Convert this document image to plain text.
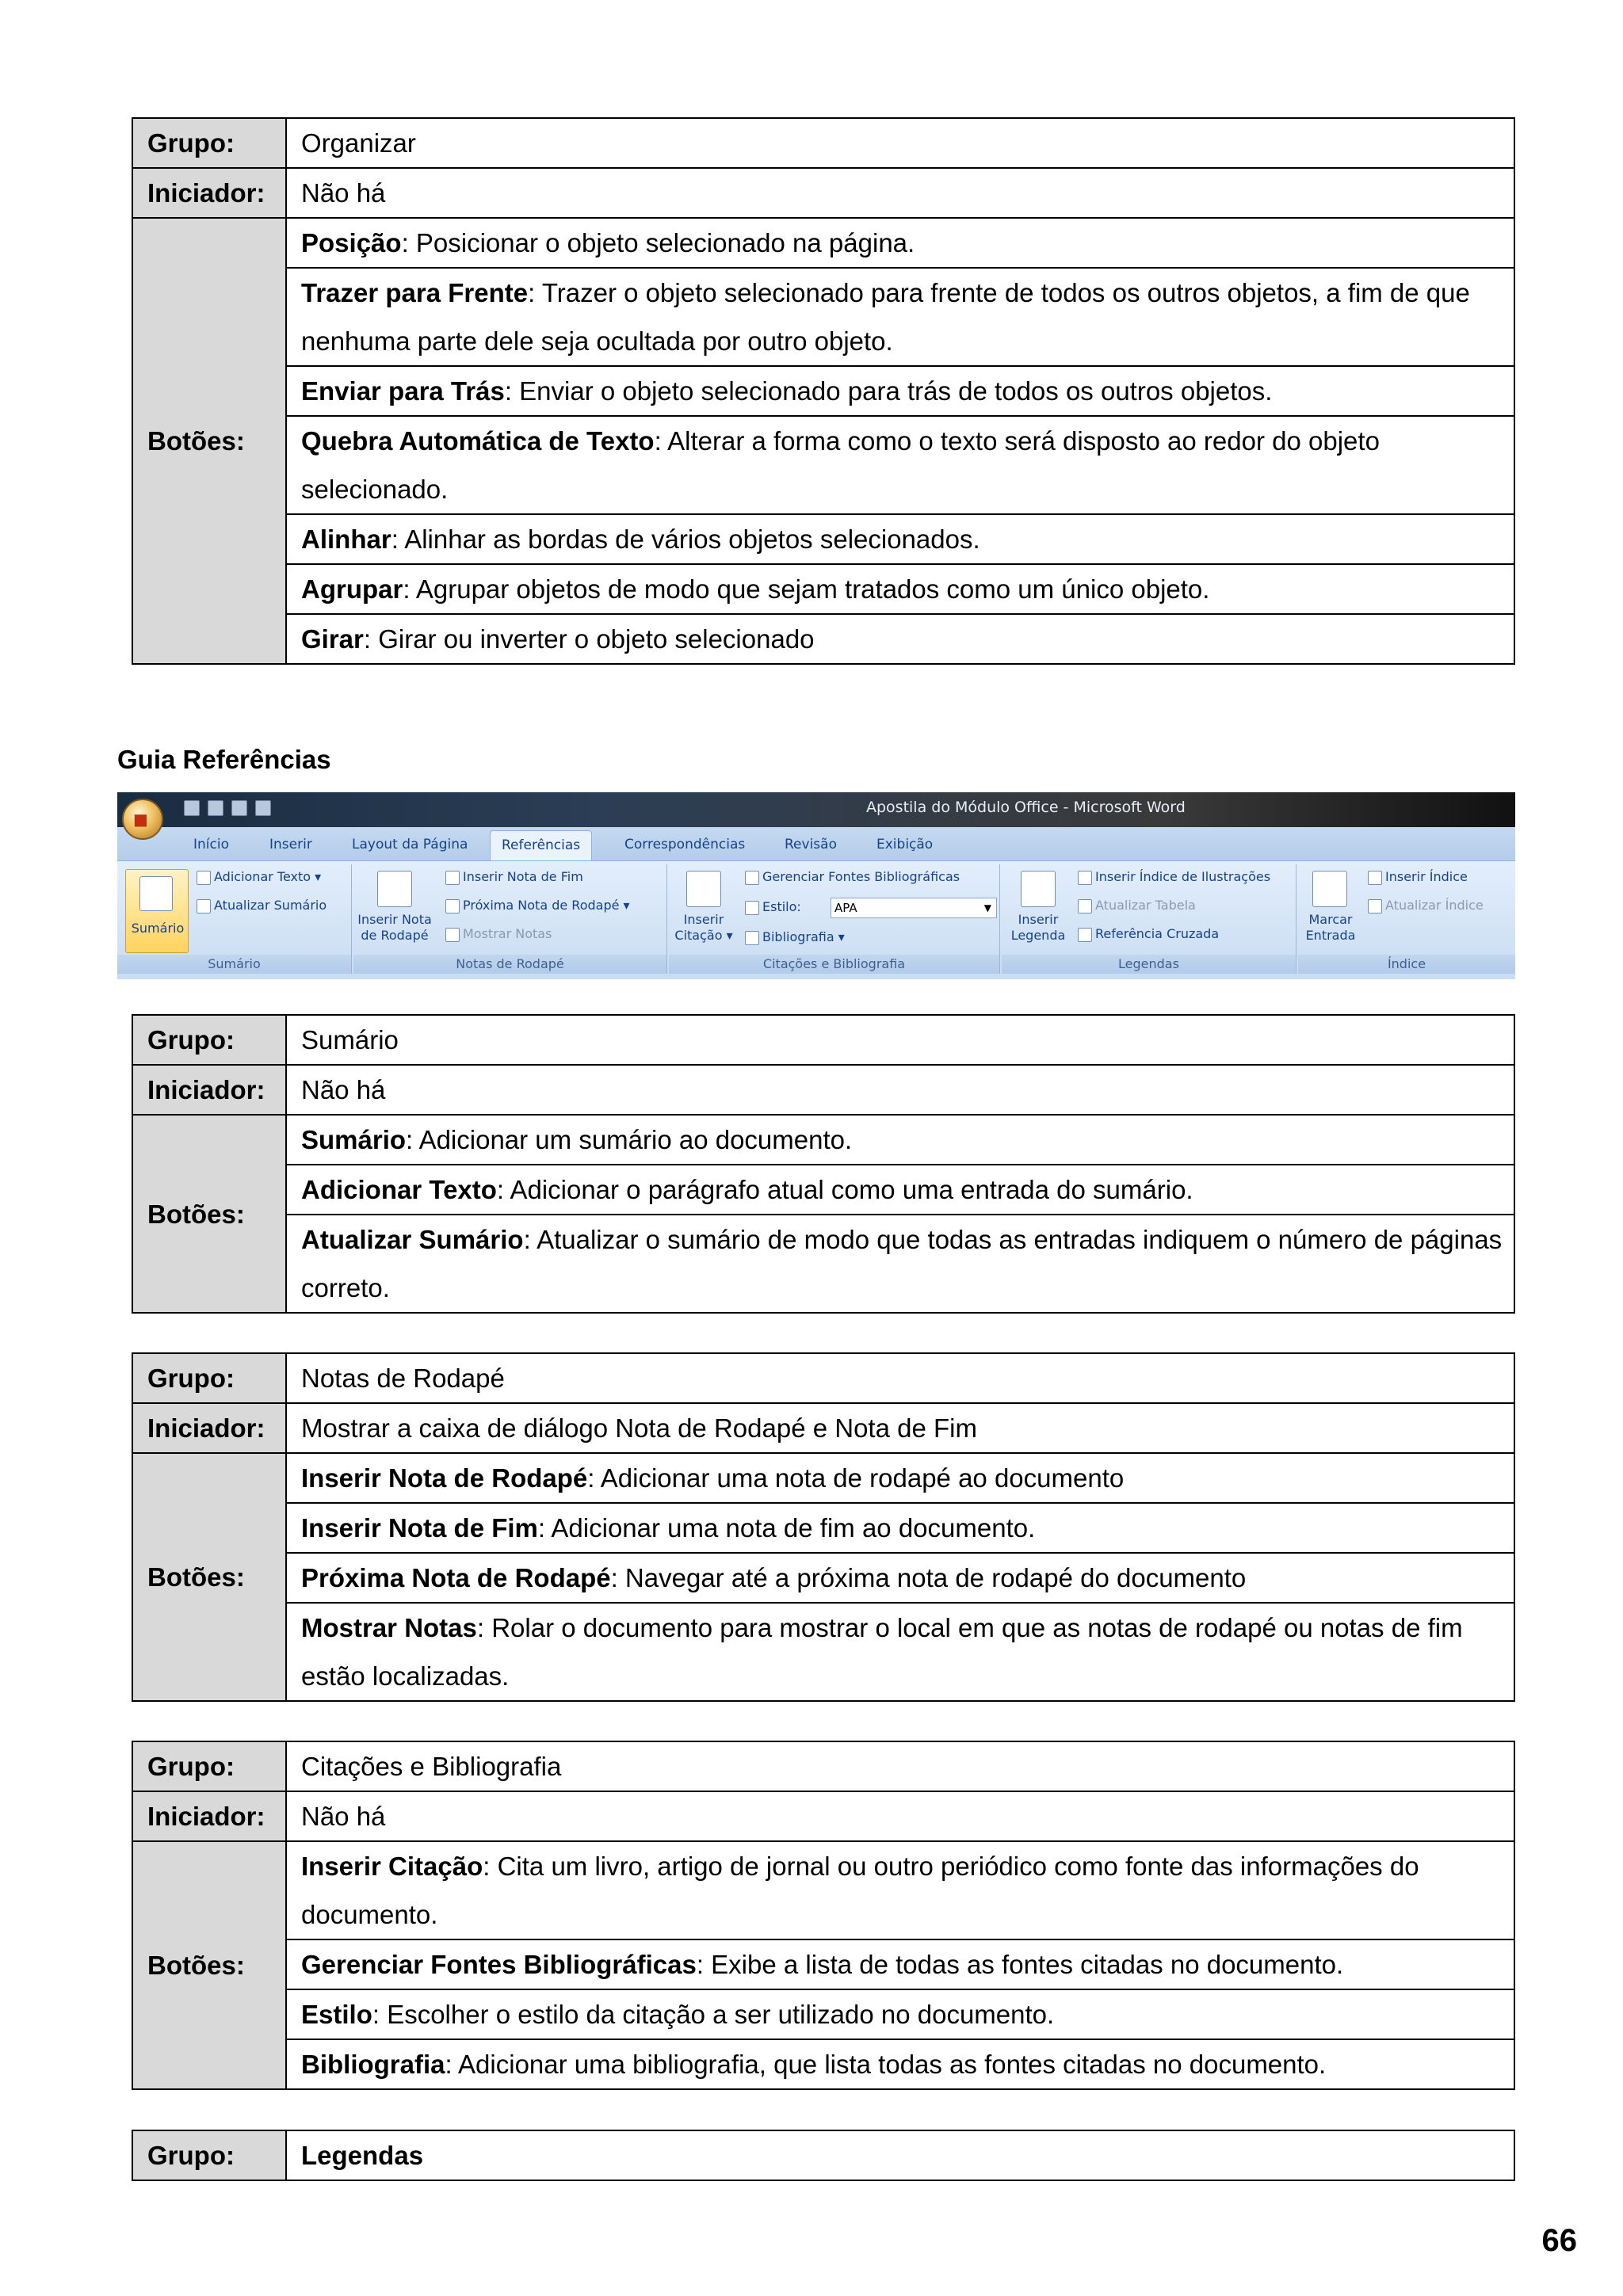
Grupo:	Organizar
Iniciador:	Não há
Botões:	Posição: Posicionar o objeto selecionado na página.
	Trazer para Frente: Trazer o objeto selecionado para frente de todos os outros objetos, a fim de que nenhuma parte dele seja ocultada por outro objeto.
	Enviar para Trás: Enviar o objeto selecionado para trás de todos os outros objetos.
	Quebra Automática de Texto: Alterar a forma como o texto será disposto ao redor do objeto selecionado.
	Alinhar: Alinhar as bordas de vários objetos selecionados.
	Agrupar: Agrupar objetos de modo que sejam tratados como um único objeto.
	Girar: Girar ou inverter o objeto selecionado
Guia Referências
Apostila do Módulo Office - Microsoft Word
■
Início	Inserir	Layout da Página	Referências	Correspondências	Revisão	Exibição
Sumário
Adicionar Texto ▾
Atualizar Sumário
Sumário
Inserir Nota
de Rodapé
Inserir Nota de Fim
Próxima Nota de Rodapé ▾
Mostrar Notas
Notas de Rodapé
Inserir
Citação ▾
Gerenciar Fontes Bibliográficas
Estilo:
Bibliografia ▾
Citações e Bibliografia
APA	▼
Inserir
Legenda
Inserir Índice de Ilustrações
Atualizar Tabela
Referência Cruzada
Legendas
Marcar
Entrada
Inserir Índice
Atualizar Índice
Índice
Grupo:	Sumário
Iniciador:	Não há
Botões:	Sumário: Adicionar um sumário ao documento.
	Adicionar Texto: Adicionar o parágrafo atual como uma entrada do sumário.
	Atualizar Sumário: Atualizar o sumário de modo que todas as entradas indiquem o número de páginas correto.
Grupo:	Notas de Rodapé
Iniciador:	Mostrar a caixa de diálogo Nota de Rodapé e Nota de Fim
Botões:	Inserir Nota de Rodapé: Adicionar uma nota de rodapé ao documento
	Inserir Nota de Fim: Adicionar uma nota de fim ao documento.
	Próxima Nota de Rodapé: Navegar até a próxima nota de rodapé do documento
	Mostrar Notas: Rolar o documento para mostrar o local em que as notas de rodapé ou notas de fim estão localizadas.
Grupo:	Citações e Bibliografia
Iniciador:	Não há
Botões:	Inserir Citação: Cita um livro, artigo de jornal ou outro periódico como fonte das informações do documento.
	Gerenciar Fontes Bibliográficas: Exibe a lista de todas as fontes citadas no documento.
	Estilo: Escolher o estilo da citação a ser utilizado no documento.
	Bibliografia: Adicionar uma bibliografia, que lista todas as fontes citadas no documento.
Grupo:	Legendas
66
